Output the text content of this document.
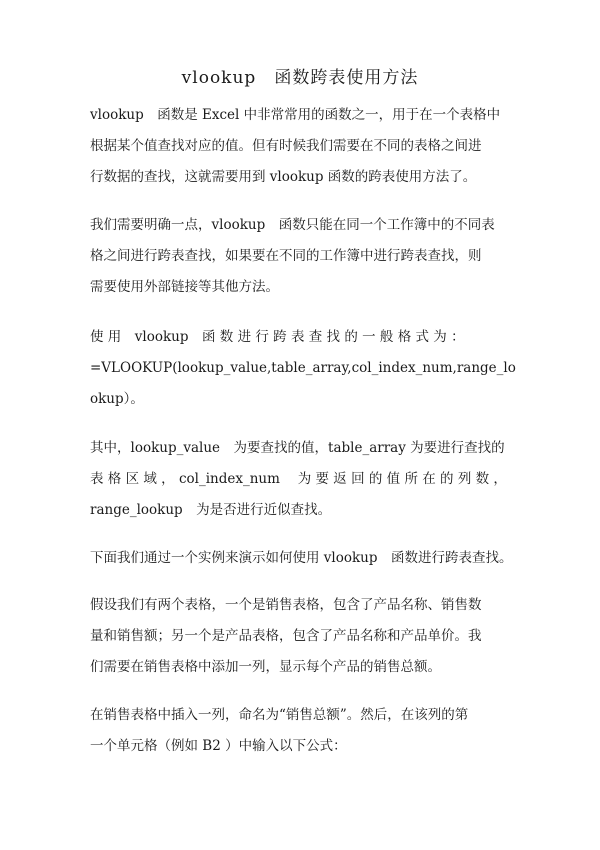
vlookup　函数跨表使用方法

vlookup　函数是 Excel 中非常常用的函数之一，用于在一个表格中
根据某个值查找对应的值。但有时候我们需要在不同的表格之间进
行数据的查找，这就需要用到 vlookup 函数的跨表使用方法了。

我们需要明确一点，vlookup　函数只能在同一个工作簿中的不同表
格之间进行跨表查找，如果要在不同的工作簿中进行跨表查找，则
需要使用外部链接等其他方法。

使 用　vlookup　函 数 进 行 跨 表 查 找 的 一 般 格 式 为 ：
=VLOOKUP(lookup_value,table_array,col_index_num,range_lo
okup）。

其中，lookup_value　为要查找的值，table_array 为要进行查找的
表 格 区 域 ， col_index_num　 为 要 返 回 的 值 所 在 的 列 数 ，
range_lookup　为是否进行近似查找。

下面我们通过一个实例来演示如何使用 vlookup　函数进行跨表查找。

假设我们有两个表格，一个是销售表格，包含了产品名称、销售数
量和销售额；另一个是产品表格，包含了产品名称和产品单价。我
们需要在销售表格中添加一列，显示每个产品的销售总额。

在销售表格中插入一列，命名为“销售总额”。然后，在该列的第
一个单元格（例如 B2 ）中输入以下公式：
